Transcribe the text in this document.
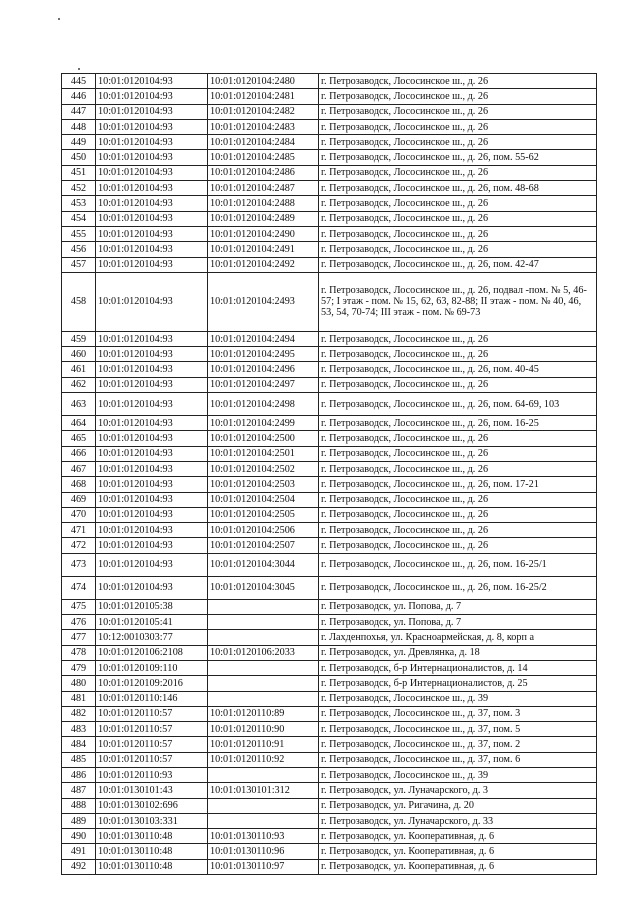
445	10:01:0120104:93	10:01:0120104:2480	г. Петрозаводск, Лососинское ш., д. 26
446	10:01:0120104:93	10:01:0120104:2481	г. Петрозаводск, Лососинское ш., д. 26
447	10:01:0120104:93	10:01:0120104:2482	г. Петрозаводск, Лососинское ш., д. 26
448	10:01:0120104:93	10:01:0120104:2483	г. Петрозаводск, Лососинское ш., д. 26
449	10:01:0120104:93	10:01:0120104:2484	г. Петрозаводск, Лососинское ш., д. 26
450	10:01:0120104:93	10:01:0120104:2485	г. Петрозаводск, Лососинское ш., д. 26, пом. 55-62
451	10:01:0120104:93	10:01:0120104:2486	г. Петрозаводск, Лососинское ш., д. 26
452	10:01:0120104:93	10:01:0120104:2487	г. Петрозаводск, Лососинское ш., д. 26, пом. 48-68
453	10:01:0120104:93	10:01:0120104:2488	г. Петрозаводск, Лососинское ш., д. 26
454	10:01:0120104:93	10:01:0120104:2489	г. Петрозаводск, Лососинское ш., д. 26
455	10:01:0120104:93	10:01:0120104:2490	г. Петрозаводск, Лососинское ш., д. 26
456	10:01:0120104:93	10:01:0120104:2491	г. Петрозаводск, Лососинское ш., д. 26
457	10:01:0120104:93	10:01:0120104:2492	г. Петрозаводск, Лососинское ш., д. 26, пом. 42-47
458	10:01:0120104:93	10:01:0120104:2493	г. Петрозаводск, Лососинское ш., д. 26, подвал -пом. № 5, 46-57; I этаж - пом. № 15, 62, 63, 82-88; II этаж - пом. № 40, 46, 53, 54, 70-74; III этаж - пом. № 69-73
459	10:01:0120104:93	10:01:0120104:2494	г. Петрозаводск, Лососинское ш., д. 26
460	10:01:0120104:93	10:01:0120104:2495	г. Петрозаводск, Лососинское ш., д. 26
461	10:01:0120104:93	10:01:0120104:2496	г. Петрозаводск, Лососинское ш., д. 26, пом. 40-45
462	10:01:0120104:93	10:01:0120104:2497	г. Петрозаводск, Лососинское ш., д. 26
463	10:01:0120104:93	10:01:0120104:2498	г. Петрозаводск, Лососинское ш., д. 26, пом. 64-69, 103
464	10:01:0120104:93	10:01:0120104:2499	г. Петрозаводск, Лососинское ш., д. 26, пом. 16-25
465	10:01:0120104:93	10:01:0120104:2500	г. Петрозаводск, Лососинское ш., д. 26
466	10:01:0120104:93	10:01:0120104:2501	г. Петрозаводск, Лососинское ш., д. 26
467	10:01:0120104:93	10:01:0120104:2502	г. Петрозаводск, Лососинское ш., д. 26
468	10:01:0120104:93	10:01:0120104:2503	г. Петрозаводск, Лососинское ш., д. 26, пом. 17-21
469	10:01:0120104:93	10:01:0120104:2504	г. Петрозаводск, Лососинское ш., д. 26
470	10:01:0120104:93	10:01:0120104:2505	г. Петрозаводск, Лососинское ш., д. 26
471	10:01:0120104:93	10:01:0120104:2506	г. Петрозаводск, Лососинское ш., д. 26
472	10:01:0120104:93	10:01:0120104:2507	г. Петрозаводск, Лососинское ш., д. 26
473	10:01:0120104:93	10:01:0120104:3044	г. Петрозаводск, Лососинское ш., д. 26, пом. 16-25/1
474	10:01:0120104:93	10:01:0120104:3045	г. Петрозаводск, Лососинское ш., д. 26, пом. 16-25/2
475	10:01:0120105:38		г. Петрозаводск, ул. Попова, д. 7
476	10:01:0120105:41		г. Петрозаводск, ул. Попова, д. 7
477	10:12:0010303:77		г. Лахденпохья, ул. Красноармейская, д. 8, корп а
478	10:01:0120106:2108	10:01:0120106:2033	г. Петрозаводск, ул. Древлянка, д. 18
479	10:01:0120109:110		г. Петрозаводск, б-р Интернационалистов, д. 14
480	10:01:0120109:2016		г. Петрозаводск, б-р Интернационалистов, д. 25
481	10:01:0120110:146		г. Петрозаводск, Лососинское ш., д. 39
482	10:01:0120110:57	10:01:0120110:89	г. Петрозаводск, Лососинское ш., д. 37, пом. 3
483	10:01:0120110:57	10:01:0120110:90	г. Петрозаводск, Лососинское ш., д. 37, пом. 5
484	10:01:0120110:57	10:01:0120110:91	г. Петрозаводск, Лососинское ш., д. 37, пом. 2
485	10:01:0120110:57	10:01:0120110:92	г. Петрозаводск, Лососинское ш., д. 37, пом. 6
486	10:01:0120110:93		г. Петрозаводск, Лососинское ш., д. 39
487	10:01:0130101:43	10:01:0130101:312	г. Петрозаводск, ул. Луначарского, д. 3
488	10:01:0130102:696		г. Петрозаводск, ул. Ригачина, д. 20
489	10:01:0130103:331		г. Петрозаводск, ул. Луначарского, д. 33
490	10:01:0130110:48	10:01:0130110:93	г. Петрозаводск, ул. Кооперативная, д. 6
491	10:01:0130110:48	10:01:0130110:96	г. Петрозаводск, ул. Кооперативная, д. 6
492	10:01:0130110:48	10:01:0130110:97	г. Петрозаводск, ул. Кооперативная, д. 6
